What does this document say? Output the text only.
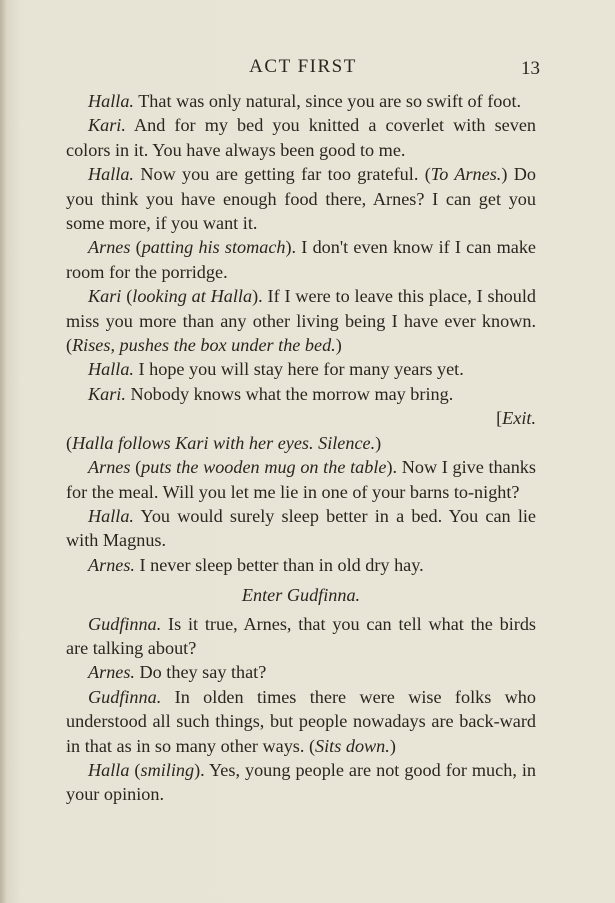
ACT FIRST	13

Halla. That was only natural, since you are so swift of foot.

Kari. And for my bed you knitted a coverlet with seven colors in it. You have always been good to me.

Halla. Now you are getting far too grateful. (To Arnes.) Do you think you have enough food there, Arnes? I can get you some more, if you want it.

Arnes (patting his stomach). I don't even know if I can make room for the porridge.

Kari (looking at Halla). If I were to leave this place, I should miss you more than any other living being I have ever known. (Rises, pushes the box under the bed.)

Halla. I hope you will stay here for many years yet.

Kari. Nobody knows what the morrow may bring.

[Exit.

(Halla follows Kari with her eyes. Silence.)

Arnes (puts the wooden mug on the table). Now I give thanks for the meal. Will you let me lie in one of your barns to-night?

Halla. You would surely sleep better in a bed. You can lie with Magnus.

Arnes. I never sleep better than in old dry hay.

Enter Gudfinna.

Gudfinna. Is it true, Arnes, that you can tell what the birds are talking about?

Arnes. Do they say that?

Gudfinna. In olden times there were wise folks who understood all such things, but people nowadays are back-ward in that as in so many other ways. (Sits down.)

Halla (smiling). Yes, young people are not good for much, in your opinion.
